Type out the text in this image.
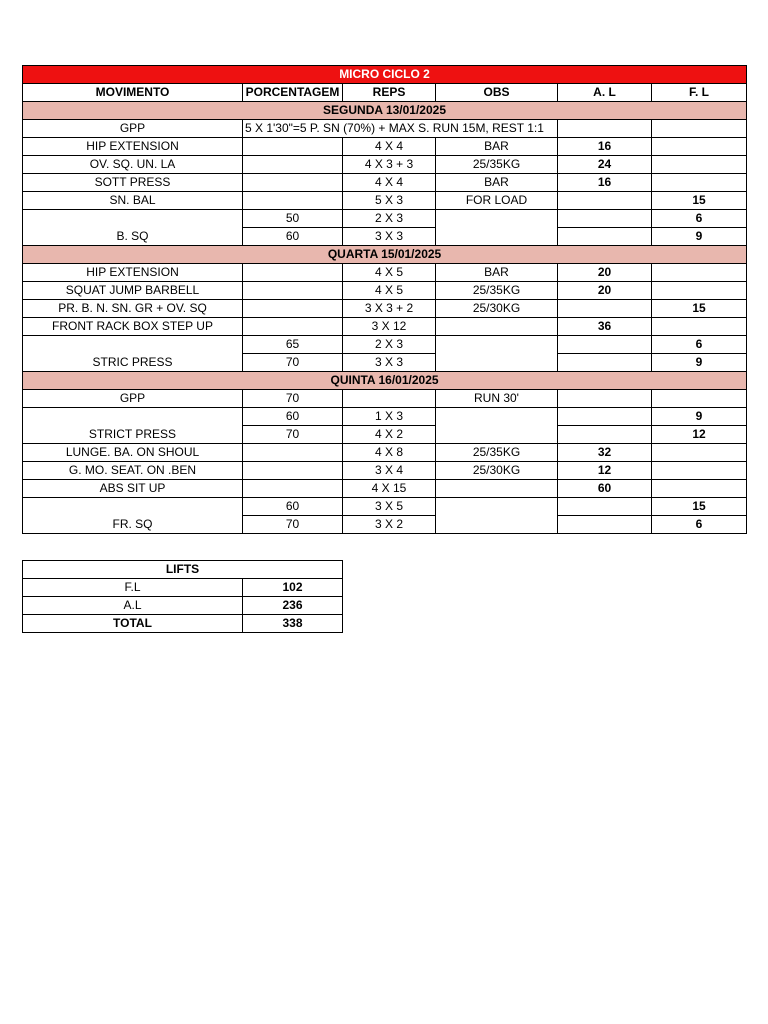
MICRO CICLO 2					
MOVIMENTO	PORCENTAGEM	REPS	OBS	A. L	F. L
SEGUNDA 13/01/2025					
GPP	5 X 1'30"=5 P. SN (70%) + MAX S. RUN 15M, REST 1:1				
HIP EXTENSION		4 X 4	BAR	16	
OV. SQ. UN. LA		4 X 3 + 3	25/35KG	24	
SOTT PRESS		4 X 4	BAR	16	
SN. BAL		5 X 3	FOR LOAD		15
B. SQ	50	2 X 3			6
	60	3 X 3			9
QUARTA 15/01/2025					
HIP EXTENSION		4 X 5	BAR	20	
SQUAT JUMP BARBELL		4 X 5	25/35KG	20	
PR. B. N. SN. GR + OV. SQ		3 X 3 + 2	25/30KG		15
FRONT RACK BOX STEP UP		3 X 12		36	
STRIC PRESS	65	2 X 3			6
	70	3 X 3			9
QUINTA 16/01/2025					
GPP	70		RUN 30'		
STRICT PRESS	60	1 X 3			9
	70	4 X 2			12
LUNGE. BA. ON SHOUL		4 X 8	25/35KG	32	
G. MO. SEAT. ON .BEN		3 X 4	25/30KG	12	
ABS SIT UP		4 X 15		60	
FR. SQ	60	3 X 5			15
	70	3 X 2			6
LIFTS	
F.L	102
A.L	236
TOTAL	338
